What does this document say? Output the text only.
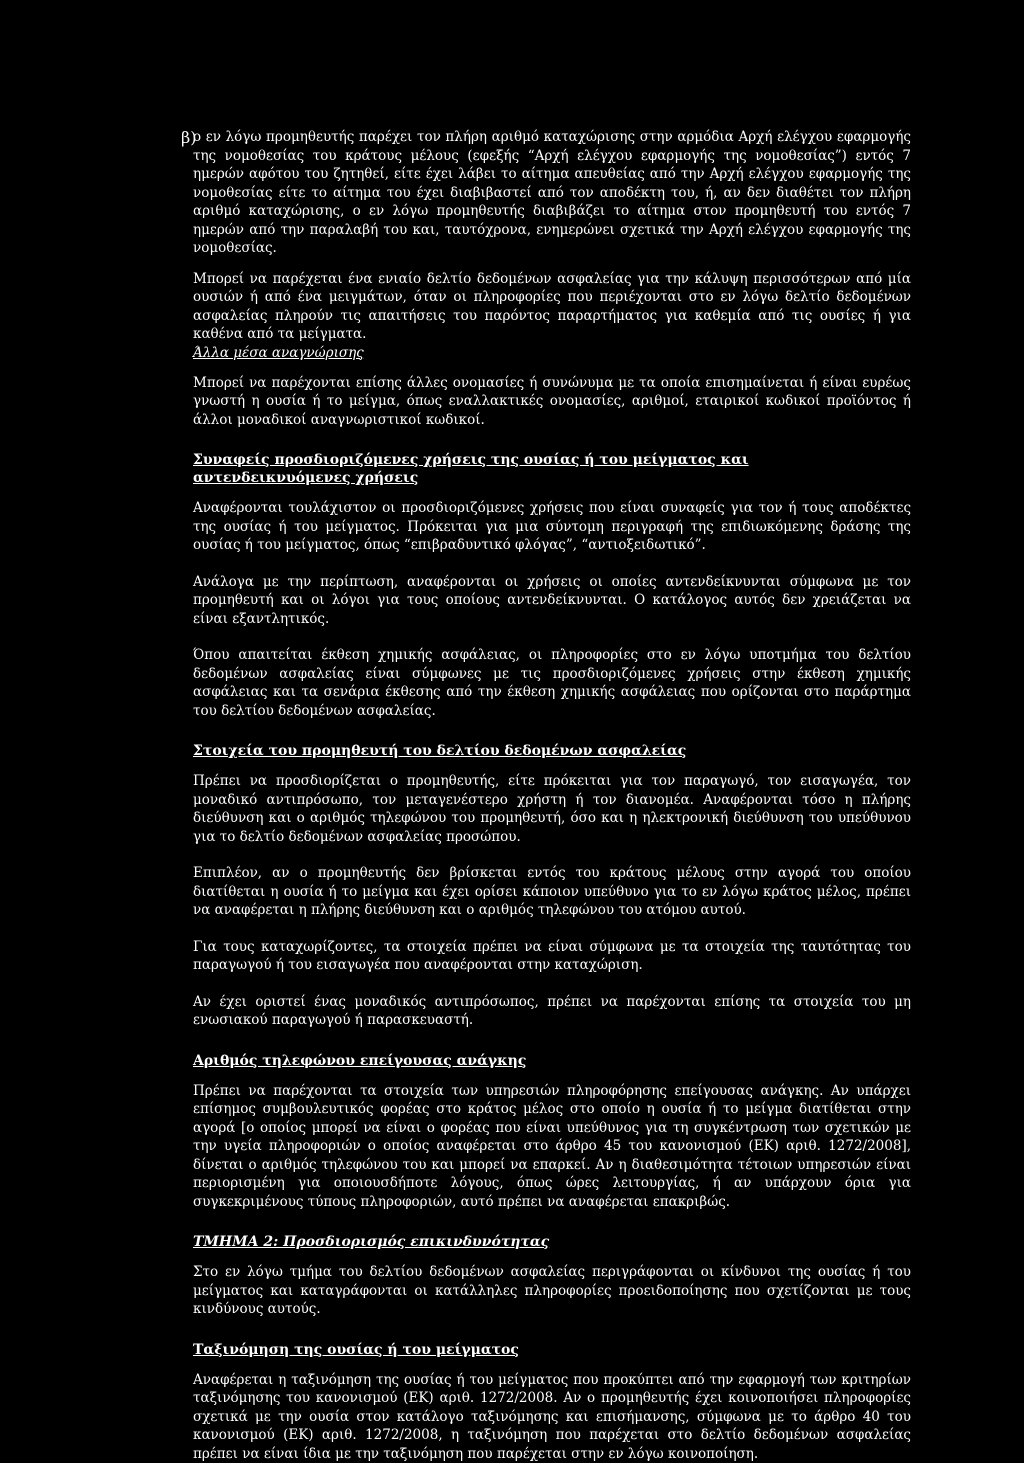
β)

ο εν λόγω προμηθευτής παρέχει τον πλήρη αριθμό καταχώρισης στην αρμόδια Αρχή ελέγχου εφαρμογής της νομοθεσίας του κράτους μέλους (εφεξής “Αρχή ελέγχου εφαρμογής της νομοθεσίας”) εντός 7 ημερών αφότου του ζητηθεί, είτε έχει λάβει το αίτημα απευθείας από την Αρχή ελέγχου εφαρμογής της νομοθεσίας είτε το αίτημα του έχει διαβιβαστεί από τον αποδέκτη του, ή, αν δεν διαθέτει τον πλήρη αριθμό καταχώρισης, ο εν λόγω προμηθευτής διαβιβάζει το αίτημα στον προμηθευτή του εντός 7 ημερών από την παραλαβή του και, ταυτόχρονα, ενημερώνει σχετικά την Αρχή ελέγχου εφαρμογής της νομοθεσίας.

Μπορεί να παρέχεται ένα ενιαίο δελτίο δεδομένων ασφαλείας για την κάλυψη περισσότερων από μία ουσιών ή από ένα μειγμάτων, όταν οι πληροφορίες που περιέχονται στο εν λόγω δελτίο δεδομένων ασφαλείας πληρούν τις απαιτήσεις του παρόντος παραρτήματος για καθεμία από τις ουσίες ή για καθένα από τα μείγματα.

Άλλα μέσα αναγνώρισης

Μπορεί να παρέχονται επίσης άλλες ονομασίες ή συνώνυμα με τα οποία επισημαίνεται ή είναι ευρέως γνωστή η ουσία ή το μείγμα, όπως εναλλακτικές ονομασίες, αριθμοί, εταιρικοί κωδικοί προϊόντος ή άλλοι μοναδικοί αναγνωριστικοί κωδικοί.

Συναφείς προσδιοριζόμενες χρήσεις της ουσίας ή του μείγματος και αντενδεικνυόμενες χρήσεις

Αναφέρονται τουλάχιστον οι προσδιοριζόμενες χρήσεις που είναι συναφείς για τον ή τους αποδέκτες της ουσίας ή του μείγματος. Πρόκειται για μια σύντομη περιγραφή της επιδιωκόμενης δράσης της ουσίας ή του μείγματος, όπως “επιβραδυντικό φλόγας”, “αντιοξειδωτικό”.

Ανάλογα με την περίπτωση, αναφέρονται οι χρήσεις οι οποίες αντενδείκνυνται σύμφωνα με τον προμηθευτή και οι λόγοι για τους οποίους αντενδείκνυνται. Ο κατάλογος αυτός δεν χρειάζεται να είναι εξαντλητικός.

Όπου απαιτείται έκθεση χημικής ασφάλειας, οι πληροφορίες στο εν λόγω υποτμήμα του δελτίου δεδομένων ασφαλείας είναι σύμφωνες με τις προσδιοριζόμενες χρήσεις στην έκθεση χημικής ασφάλειας και τα σενάρια έκθεσης από την έκθεση χημικής ασφάλειας που ορίζονται στο παράρτημα του δελτίου δεδομένων ασφαλείας.

Στοιχεία του προμηθευτή του δελτίου δεδομένων ασφαλείας

Πρέπει να προσδιορίζεται ο προμηθευτής, είτε πρόκειται για τον παραγωγό, τον εισαγωγέα, τον μοναδικό αντιπρόσωπο, τον μεταγενέστερο χρήστη ή τον διανομέα. Αναφέρονται τόσο η πλήρης διεύθυνση και ο αριθμός τηλεφώνου του προμηθευτή, όσο και η ηλεκτρονική διεύθυνση του υπεύθυνου για το δελτίο δεδομένων ασφαλείας προσώπου.

Επιπλέον, αν ο προμηθευτής δεν βρίσκεται εντός του κράτους μέλους στην αγορά του οποίου διατίθεται η ουσία ή το μείγμα και έχει ορίσει κάποιον υπεύθυνο για το εν λόγω κράτος μέλος, πρέπει να αναφέρεται η πλήρης διεύθυνση και ο αριθμός τηλεφώνου του ατόμου αυτού.

Για τους καταχωρίζοντες, τα στοιχεία πρέπει να είναι σύμφωνα με τα στοιχεία της ταυτότητας του παραγωγού ή του εισαγωγέα που αναφέρονται στην καταχώριση.

Αν έχει οριστεί ένας μοναδικός αντιπρόσωπος, πρέπει να παρέχονται επίσης τα στοιχεία του μη ενωσιακού παραγωγού ή παρασκευαστή.

Αριθμός τηλεφώνου επείγουσας ανάγκης

Πρέπει να παρέχονται τα στοιχεία των υπηρεσιών πληροφόρησης επείγουσας ανάγκης. Αν υπάρχει επίσημος συμβουλευτικός φορέας στο κράτος μέλος στο οποίο η ουσία ή το μείγμα διατίθεται στην αγορά [ο οποίος μπορεί να είναι ο φορέας που είναι υπεύθυνος για τη συγκέντρωση των σχετικών με την υγεία πληροφοριών ο οποίος αναφέρεται στο άρθρο 45 του κανονισμού (ΕΚ) αριθ. 1272/2008], δίνεται ο αριθμός τηλεφώνου του και μπορεί να επαρκεί. Αν η διαθεσιμότητα τέτοιων υπηρεσιών είναι περιορισμένη για οποιουσδήποτε λόγους, όπως ώρες λειτουργίας, ή αν υπάρχουν όρια για συγκεκριμένους τύπους πληροφοριών, αυτό πρέπει να αναφέρεται επακριβώς.

ΤΜΗΜΑ 2: Προσδιορισμός επικινδυνότητας

Στο εν λόγω τμήμα του δελτίου δεδομένων ασφαλείας περιγράφονται οι κίνδυνοι της ουσίας ή του μείγματος και καταγράφονται οι κατάλληλες πληροφορίες προειδοποίησης που σχετίζονται με τους κινδύνους αυτούς.

Ταξινόμηση της ουσίας ή του μείγματος

Αναφέρεται η ταξινόμηση της ουσίας ή του μείγματος που προκύπτει από την εφαρμογή των κριτηρίων ταξινόμησης του κανονισμού (ΕΚ) αριθ. 1272/2008. Αν ο προμηθευτής έχει κοινοποιήσει πληροφορίες σχετικά με την ουσία στον κατάλογο ταξινόμησης και επισήμανσης, σύμφωνα με το άρθρο 40 του κανονισμού (ΕΚ) αριθ. 1272/2008, η ταξινόμηση που παρέχεται στο δελτίο δεδομένων ασφαλείας πρέπει να είναι ίδια με την ταξινόμηση που παρέχεται στην εν λόγω κοινοποίηση.
